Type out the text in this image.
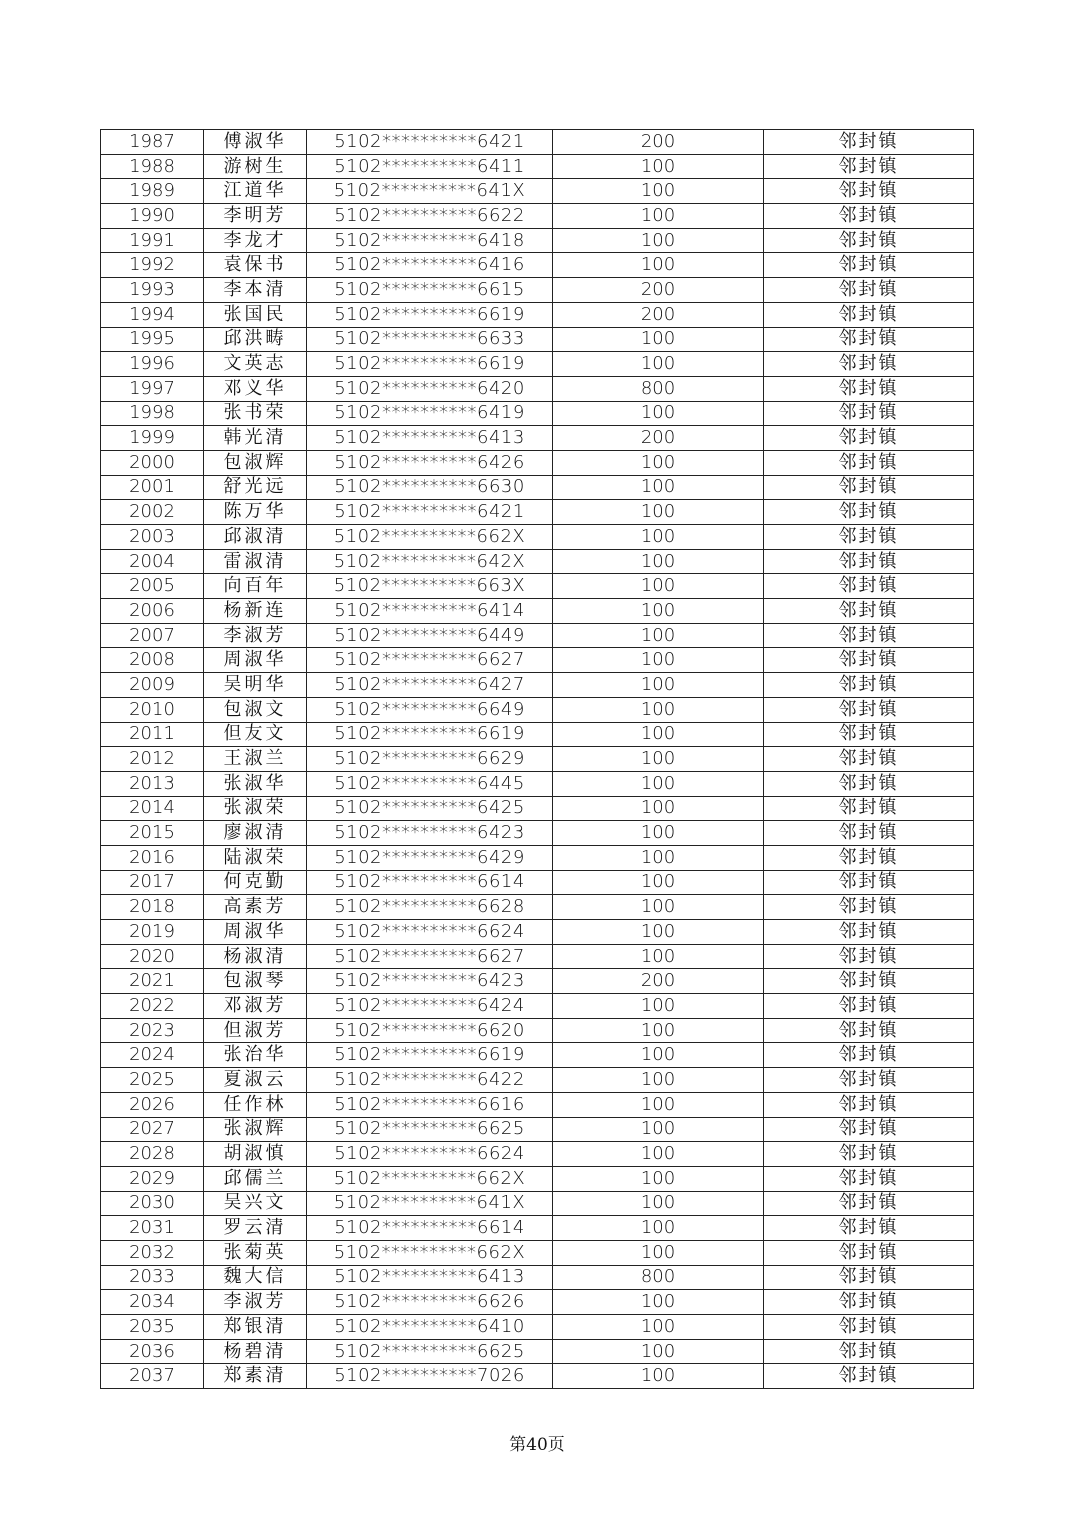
1987	傅淑华	5102**********6421	200	邻封镇
1988	游树生	5102**********6411	100	邻封镇
1989	江道华	5102**********641X	100	邻封镇
1990	李明芳	5102**********6622	100	邻封镇
1991	李龙才	5102**********6418	100	邻封镇
1992	袁保书	5102**********6416	100	邻封镇
1993	李本清	5102**********6615	200	邻封镇
1994	张国民	5102**********6619	200	邻封镇
1995	邱洪畴	5102**********6633	100	邻封镇
1996	文英志	5102**********6619	100	邻封镇
1997	邓义华	5102**********6420	800	邻封镇
1998	张书荣	5102**********6419	100	邻封镇
1999	韩光清	5102**********6413	200	邻封镇
2000	包淑辉	5102**********6426	100	邻封镇
2001	舒光远	5102**********6630	100	邻封镇
2002	陈万华	5102**********6421	100	邻封镇
2003	邱淑清	5102**********662X	100	邻封镇
2004	雷淑清	5102**********642X	100	邻封镇
2005	向百年	5102**********663X	100	邻封镇
2006	杨新连	5102**********6414	100	邻封镇
2007	李淑芳	5102**********6449	100	邻封镇
2008	周淑华	5102**********6627	100	邻封镇
2009	吴明华	5102**********6427	100	邻封镇
2010	包淑文	5102**********6649	100	邻封镇
2011	但友文	5102**********6619	100	邻封镇
2012	王淑兰	5102**********6629	100	邻封镇
2013	张淑华	5102**********6445	100	邻封镇
2014	张淑荣	5102**********6425	100	邻封镇
2015	廖淑清	5102**********6423	100	邻封镇
2016	陆淑荣	5102**********6429	100	邻封镇
2017	何克勤	5102**********6614	100	邻封镇
2018	高素芳	5102**********6628	100	邻封镇
2019	周淑华	5102**********6624	100	邻封镇
2020	杨淑清	5102**********6627	100	邻封镇
2021	包淑琴	5102**********6423	200	邻封镇
2022	邓淑芳	5102**********6424	100	邻封镇
2023	但淑芳	5102**********6620	100	邻封镇
2024	张治华	5102**********6619	100	邻封镇
2025	夏淑云	5102**********6422	100	邻封镇
2026	任作林	5102**********6616	100	邻封镇
2027	张淑辉	5102**********6625	100	邻封镇
2028	胡淑慎	5102**********6624	100	邻封镇
2029	邱儒兰	5102**********662X	100	邻封镇
2030	吴兴文	5102**********641X	100	邻封镇
2031	罗云清	5102**********6614	100	邻封镇
2032	张菊英	5102**********662X	100	邻封镇
2033	魏大信	5102**********6413	800	邻封镇
2034	李淑芳	5102**********6626	100	邻封镇
2035	郑银清	5102**********6410	100	邻封镇
2036	杨碧清	5102**********6625	100	邻封镇
2037	郑素清	5102**********7026	100	邻封镇
第40页
